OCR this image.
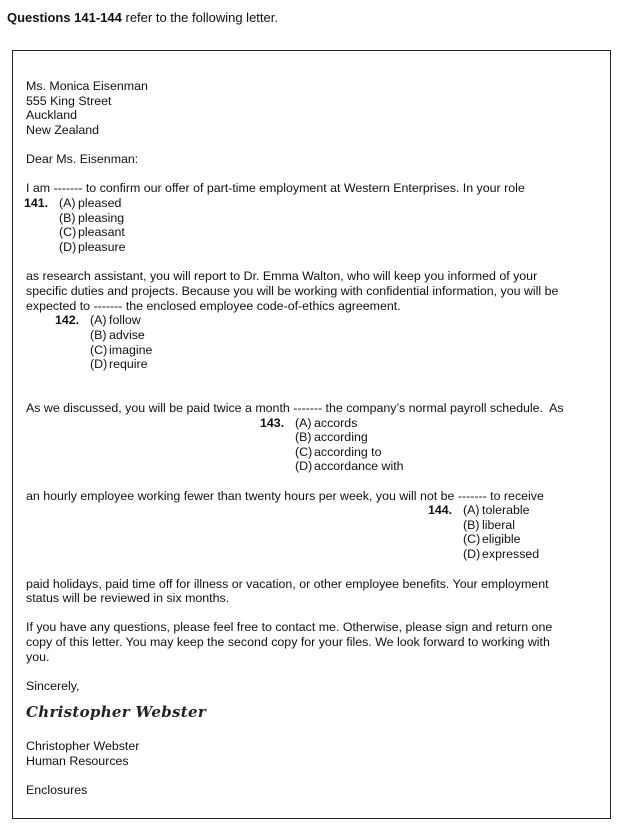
Questions 141-144 refer to the following letter.
Ms. Monica Eisenman
555 King Street
Auckland
New Zealand
Dear Ms. Eisenman:
I am ------- to confirm our offer of part-time employment at Western Enterprises. In your role
141. (A) pleased
(B) pleasing
(C) pleasant
(D) pleasure
as research assistant, you will report to Dr. Emma Walton, who will keep you informed of your
specific duties and projects. Because you will be working with confidential information, you will be
expected to ------- the enclosed employee code-of-ethics agreement.
142. (A) follow
(B) advise
(C) imagine
(D) require
As we discussed, you will be paid twice a month ------- the company’s normal payroll schedule.  As
143. (A) accords
(B) according
(C) according to
(D) accordance with
an hourly employee working fewer than twenty hours per week, you will not be ------- to receive
144. (A) tolerable
(B) liberal
(C) eligible
(D) expressed
paid holidays, paid time off for illness or vacation, or other employee benefits. Your employment
status will be reviewed in six months.
If you have any questions, please feel free to contact me. Otherwise, please sign and return one
copy of this letter. You may keep the second copy for your files. We look forward to working with
you.
Sincerely,
Christopher Webster
Christopher Webster
Human Resources
Enclosures
